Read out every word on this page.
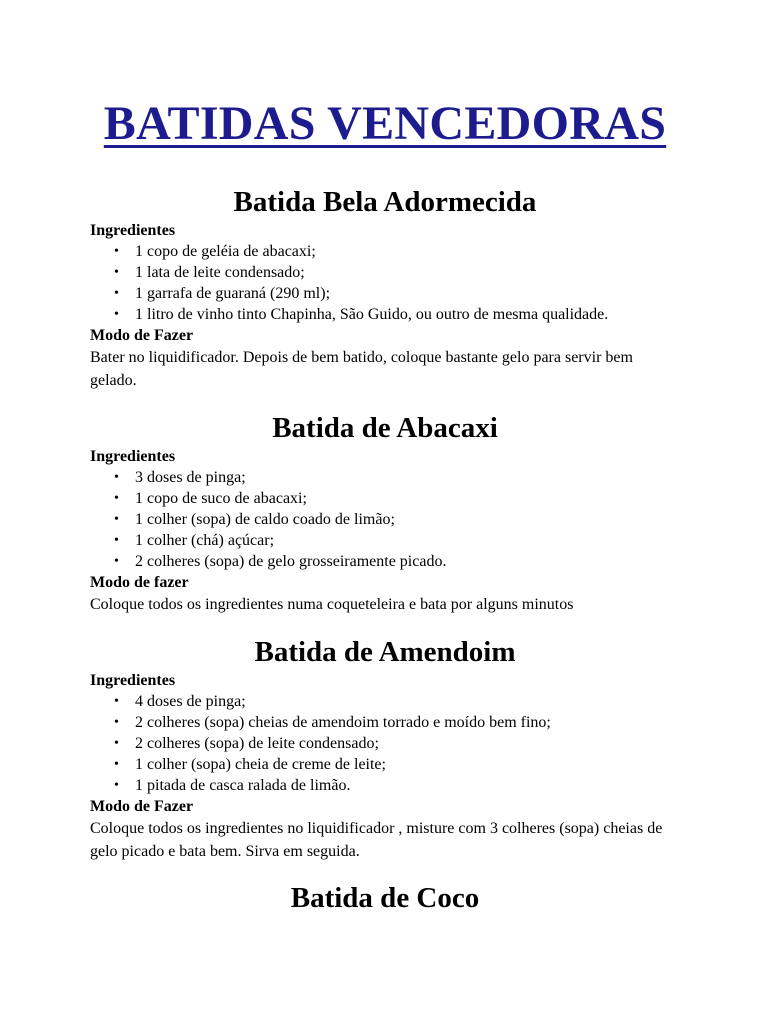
BATIDAS VENCEDORAS
Batida Bela Adormecida

Ingredientes

• 1 copo de geléia de abacaxi;
• 1 lata de leite condensado;
• 1 garrafa de guaraná (290 ml);
• 1 litro de vinho tinto Chapinha, São Guido, ou outro de mesma qualidade.

Modo de Fazer

Bater no liquidificador. Depois de bem batido, coloque bastante gelo para servir bem gelado.

Batida de Abacaxi

Ingredientes

• 3 doses de pinga;
• 1 copo de suco de abacaxi;
• 1 colher (sopa) de caldo coado de limão;
• 1 colher (chá) açúcar;
• 2 colheres (sopa) de gelo grosseiramente picado.

Modo de fazer

Coloque todos os ingredientes numa coqueteleira e bata por alguns minutos

Batida de Amendoim

Ingredientes

• 4 doses de pinga;
• 2 colheres (sopa) cheias de amendoim torrado e moído bem fino;
• 2 colheres (sopa) de leite condensado;
• 1 colher (sopa) cheia de creme de leite;
• 1 pitada de casca ralada de limão.

Modo de Fazer

Coloque todos os ingredientes no liquidificador , misture com 3 colheres (sopa) cheias de gelo picado e bata bem. Sirva em seguida.

Batida de Coco
